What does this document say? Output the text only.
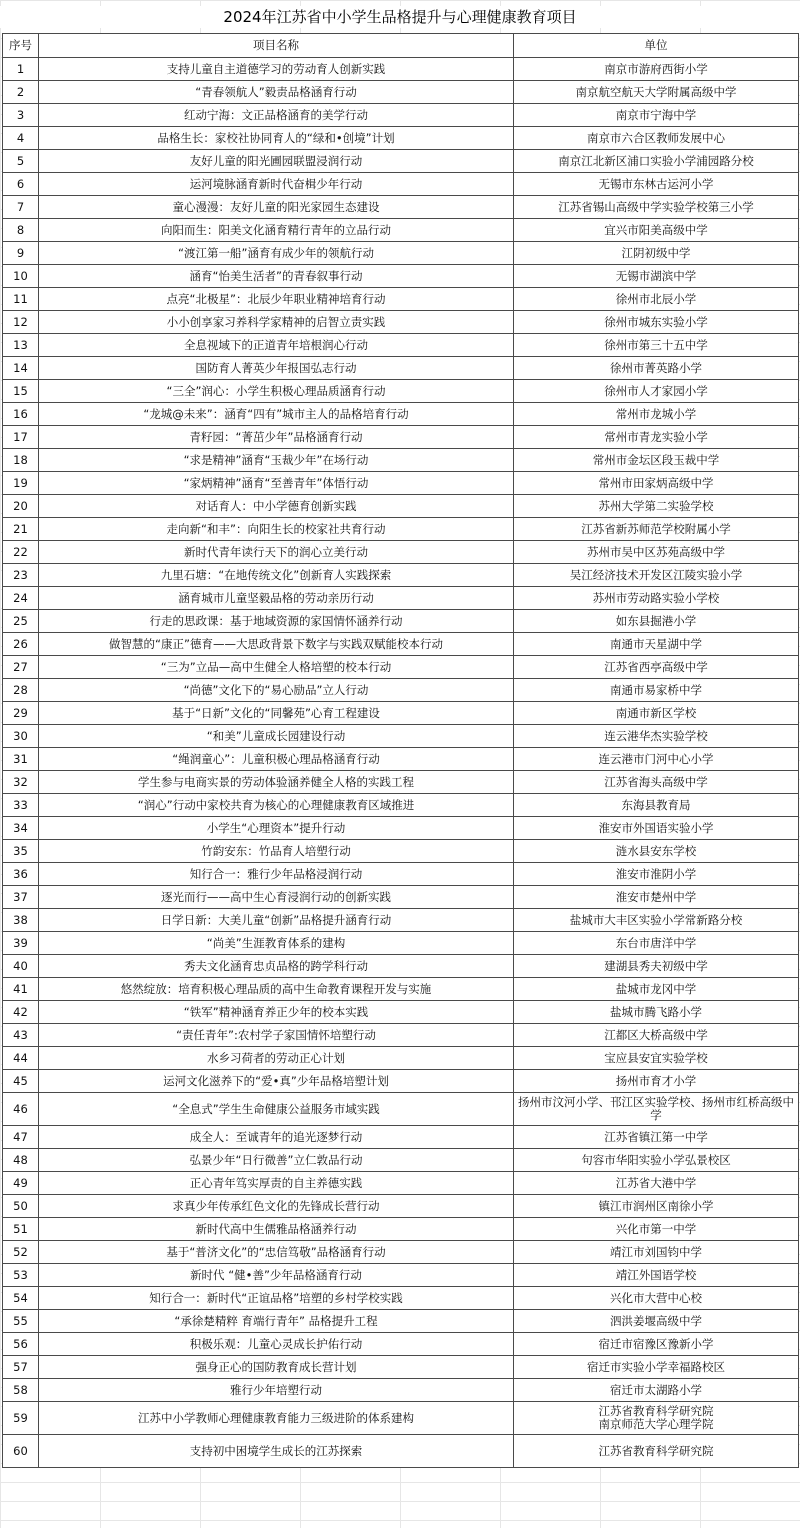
2024年江苏省中小学生品格提升与心理健康教育项目
序号	项目名称	单位
1	支持儿童自主道德学习的劳动育人创新实践	南京市游府西街小学
2	“青春领航人”毅责品格涵育行动	南京航空航天大学附属高级中学
3	红动宁海：文正品格涵育的美学行动	南京市宁海中学
4	品格生长：家校社协同育人的“绿和•创境”计划	南京市六合区教师发展中心
5	友好儿童的阳光圃园联盟浸润行动	南京江北新区浦口实验小学浦园路分校
6	运河境脉涵育新时代奋楫少年行动	无锡市东林古运河小学
7	童心漫漫：友好儿童的阳光家园生态建设	江苏省锡山高级中学实验学校第三小学
8	向阳而生：阳美文化涵育精行青年的立品行动	宜兴市阳美高级中学
9	“渡江第一船”涵育有成少年的领航行动	江阴初级中学
10	涵育“怡美生活者”的青春叙事行动	无锡市湖滨中学
11	点亮“北极星”：北辰少年职业精神培育行动	徐州市北辰小学
12	小小创享家习养科学家精神的启智立责实践	徐州市城东实验小学
13	全息视域下的正道青年培根润心行动	徐州市第三十五中学
14	国防育人菁英少年报国弘志行动	徐州市菁英路小学
15	“三全”润心：小学生积极心理品质涵育行动	徐州市人才家园小学
16	“龙城@未来”：涵育“四有”城市主人的品格培育行动	常州市龙城小学
17	青籽园：“菁茁少年”品格涵育行动	常州市青龙实验小学
18	“求是精神”涵育“玉裁少年”在场行动	常州市金坛区段玉裁中学
19	“家炳精神”涵育“至善青年”体悟行动	常州市田家炳高级中学
20	对话育人：中小学德育创新实践	苏州大学第二实验学校
21	走向新“和丰”：向阳生长的校家社共育行动	江苏省新苏师范学校附属小学
22	新时代青年读行天下的润心立美行动	苏州市吴中区苏苑高级中学
23	九里石塘：“在地传统文化”创新育人实践探索	吴江经济技术开发区江陵实验小学
24	涵育城市儿童坚毅品格的劳动亲历行动	苏州市劳动路实验小学校
25	行走的思政课：基于地域资源的家国情怀涵养行动	如东县掘港小学
26	做智慧的“康正”德育——大思政背景下数字与实践双赋能校本行动	南通市天星湖中学
27	“三为”立品—高中生健全人格培塑的校本行动	江苏省西亭高级中学
28	“尚德”文化下的“易心励品”立人行动	南通市易家桥中学
29	基于“日新”文化的“同馨苑”心育工程建设	南通市新区学校
30	“和美”儿童成长园建设行动	连云港华杰实验学校
31	“绳润童心”：儿童积极心理品格涵育行动	连云港市门河中心小学
32	学生参与电商实景的劳动体验涵养健全人格的实践工程	江苏省海头高级中学
33	“润心”行动中家校共育为核心的心理健康教育区域推进	东海县教育局
34	小学生“心理资本”提升行动	淮安市外国语实验小学
35	竹韵安东：竹品育人培塑行动	涟水县安东学校
36	知行合一：雅行少年品格浸润行动	淮安市淮阴小学
37	逐光而行——高中生心育浸润行动的创新实践	淮安市楚州中学
38	日学日新：大美儿童“创新”品格提升涵育行动	盐城市大丰区实验小学常新路分校
39	“尚美”生涯教育体系的建构	东台市唐洋中学
40	秀夫文化涵育忠贞品格的跨学科行动	建湖县秀夫初级中学
41	悠然绽放：培育积极心理品质的高中生命教育课程开发与实施	盐城市龙冈中学
42	“铁军”精神涵育养正少年的校本实践	盐城市腾飞路小学
43	“责任青年”:农村学子家国情怀培塑行动	江都区大桥高级中学
44	水乡习荷者的劳动正心计划	宝应县安宜实验学校
45	运河文化滋养下的“爱•真”少年品格培塑计划	扬州市育才小学
46	“全息式”学生生命健康公益服务市域实践	扬州市汶河小学、邗江区实验学校、扬州市红桥高级中学
47	成全人：至诚青年的追光逐梦行动	江苏省镇江第一中学
48	弘景少年“日行微善”立仁敦品行动	句容市华阳实验小学弘景校区
49	正心青年笃实厚责的自主养德实践	江苏省大港中学
50	求真少年传承红色文化的先锋成长营行动	镇江市润州区南徐小学
51	新时代高中生儒雅品格涵养行动	兴化市第一中学
52	基于“普济文化”的“忠信笃敬”品格涵育行动	靖江市刘国钧中学
53	新时代 “健•善”少年品格涵育行动	靖江外国语学校
54	知行合一：新时代“正谊品格”培塑的乡村学校实践	兴化市大营中心校
55	“承徐楚精粹 育端行青年” 品格提升工程	泗洪姜堰高级中学
56	积极乐观：儿童心灵成长护佑行动	宿迁市宿豫区豫新小学
57	强身正心的国防教育成长营计划	宿迁市实验小学幸福路校区
58	雅行少年培塑行动	宿迁市太湖路小学
59	江苏中小学教师心理健康教育能力三级进阶的体系建构	江苏省教育科学研究院
南京师范大学心理学院
60	支持初中困境学生成长的江苏探索	江苏省教育科学研究院
